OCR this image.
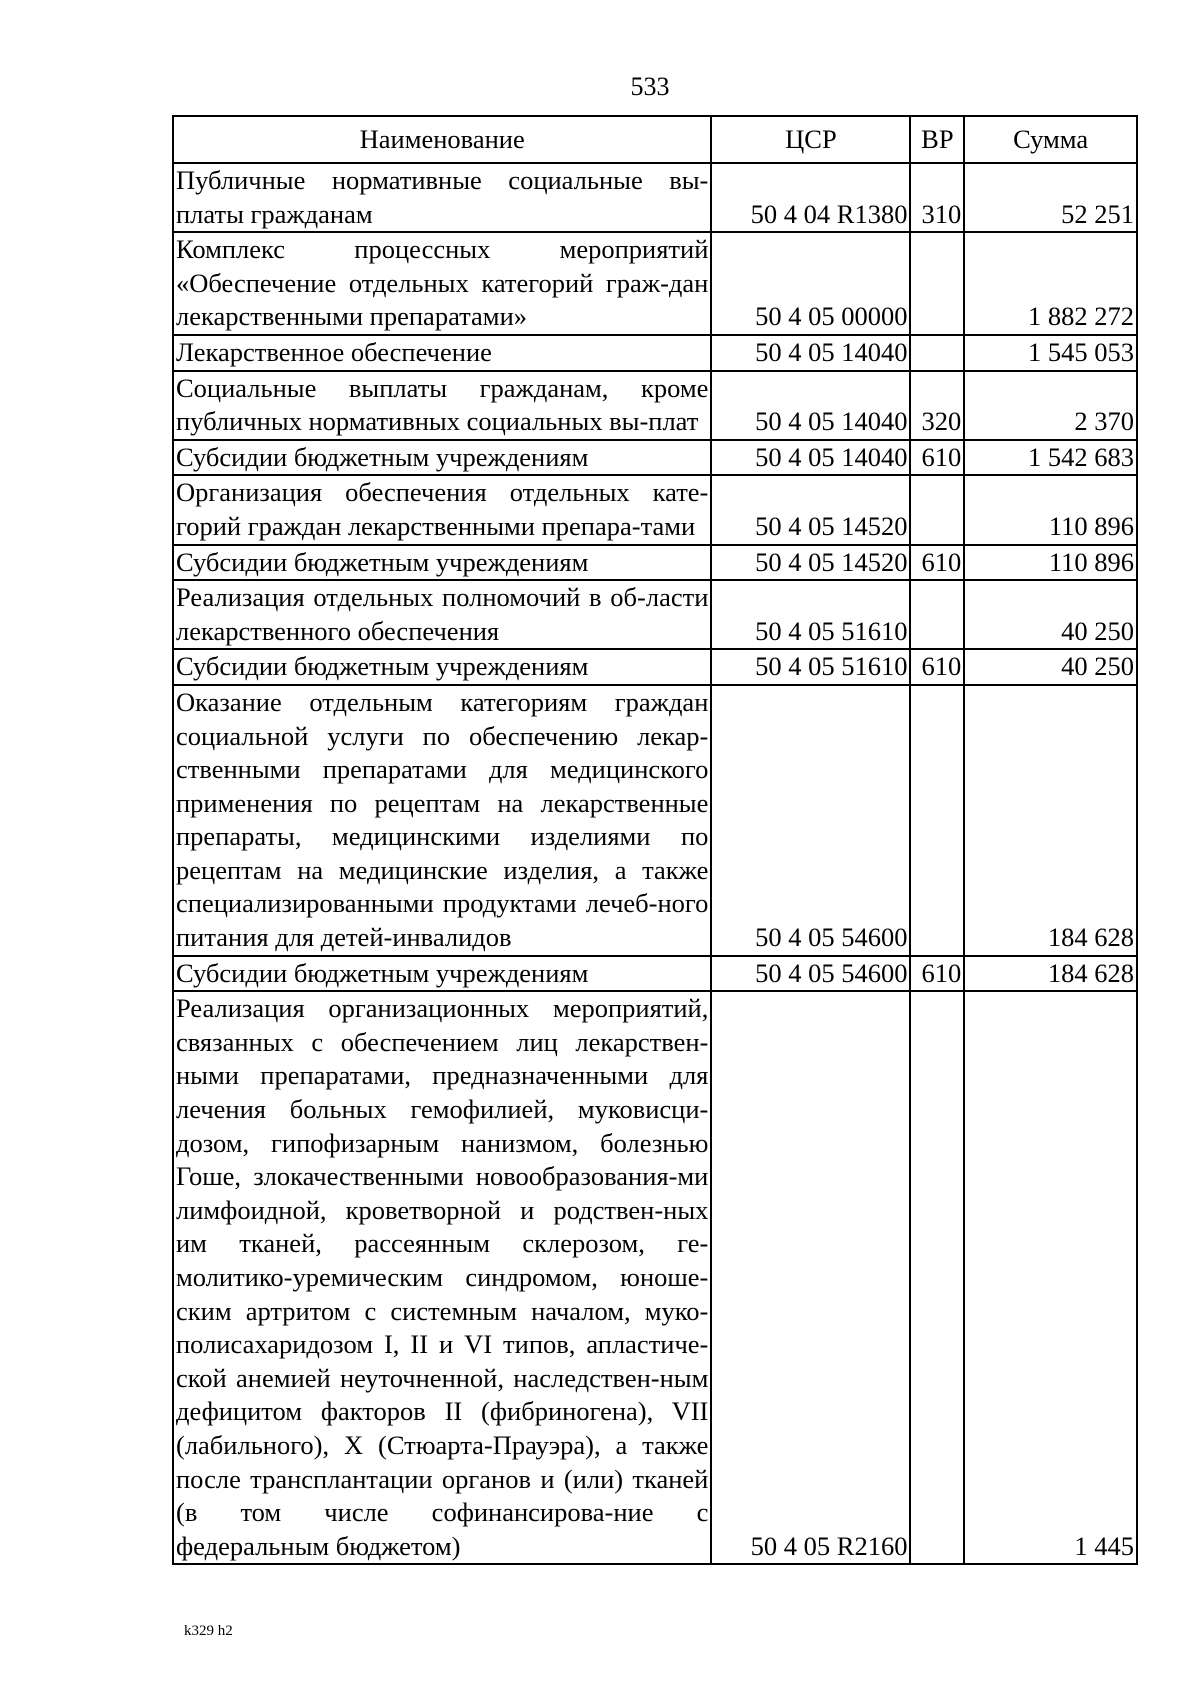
533
Наименование	ЦСР	ВР	Сумма
Публичные нормативные социальные вы-платы гражданам	50 4 04 R1380	310	52 251
Комплекс процессных мероприятий «Обеспечение отдельных категорий граж-дан лекарственными препаратами»	50 4 05 00000		1 882 272
Лекарственное обеспечение	50 4 05 14040		1 545 053
Социальные выплаты гражданам, кроме публичных нормативных социальных вы-плат	50 4 05 14040	320	2 370
Субсидии бюджетным учреждениям	50 4 05 14040	610	1 542 683
Организация обеспечения отдельных кате-горий граждан лекарственными препара-тами	50 4 05 14520		110 896
Субсидии бюджетным учреждениям	50 4 05 14520	610	110 896
Реализация отдельных полномочий в об-ласти лекарственного обеспечения	50 4 05 51610		40 250
Субсидии бюджетным учреждениям	50 4 05 51610	610	40 250
Оказание отдельным категориям граждан социальной услуги по обеспечению лекар-ственными препаратами для медицинского применения по рецептам на лекарственные препараты, медицинскими изделиями по рецептам на медицинские изделия, а также специализированными продуктами лечеб-ного питания для детей-инвалидов	50 4 05 54600		184 628
Субсидии бюджетным учреждениям	50 4 05 54600	610	184 628
Реализация организационных мероприятий, связанных с обеспечением лиц лекарствен-ными препаратами, предназначенными для лечения больных гемофилией, муковисци-дозом, гипофизарным нанизмом, болезнью Гоше, злокачественными новообразования-ми лимфоидной, кроветворной и родствен-ных им тканей, рассеянным склерозом, ге-молитико-уремическим синдромом, юноше-ским артритом с системным началом, муко-полисахаридозом I, II и VI типов, апластиче-ской анемией неуточненной, наследствен-ным дефицитом факторов II (фибриногена), VII (лабильного), X (Стюарта-Прауэра), а также после трансплантации органов и (или) тканей (в том числе софинансирова-ние с федеральным бюджетом)	50 4 05 R2160		1 445
k329 h2
